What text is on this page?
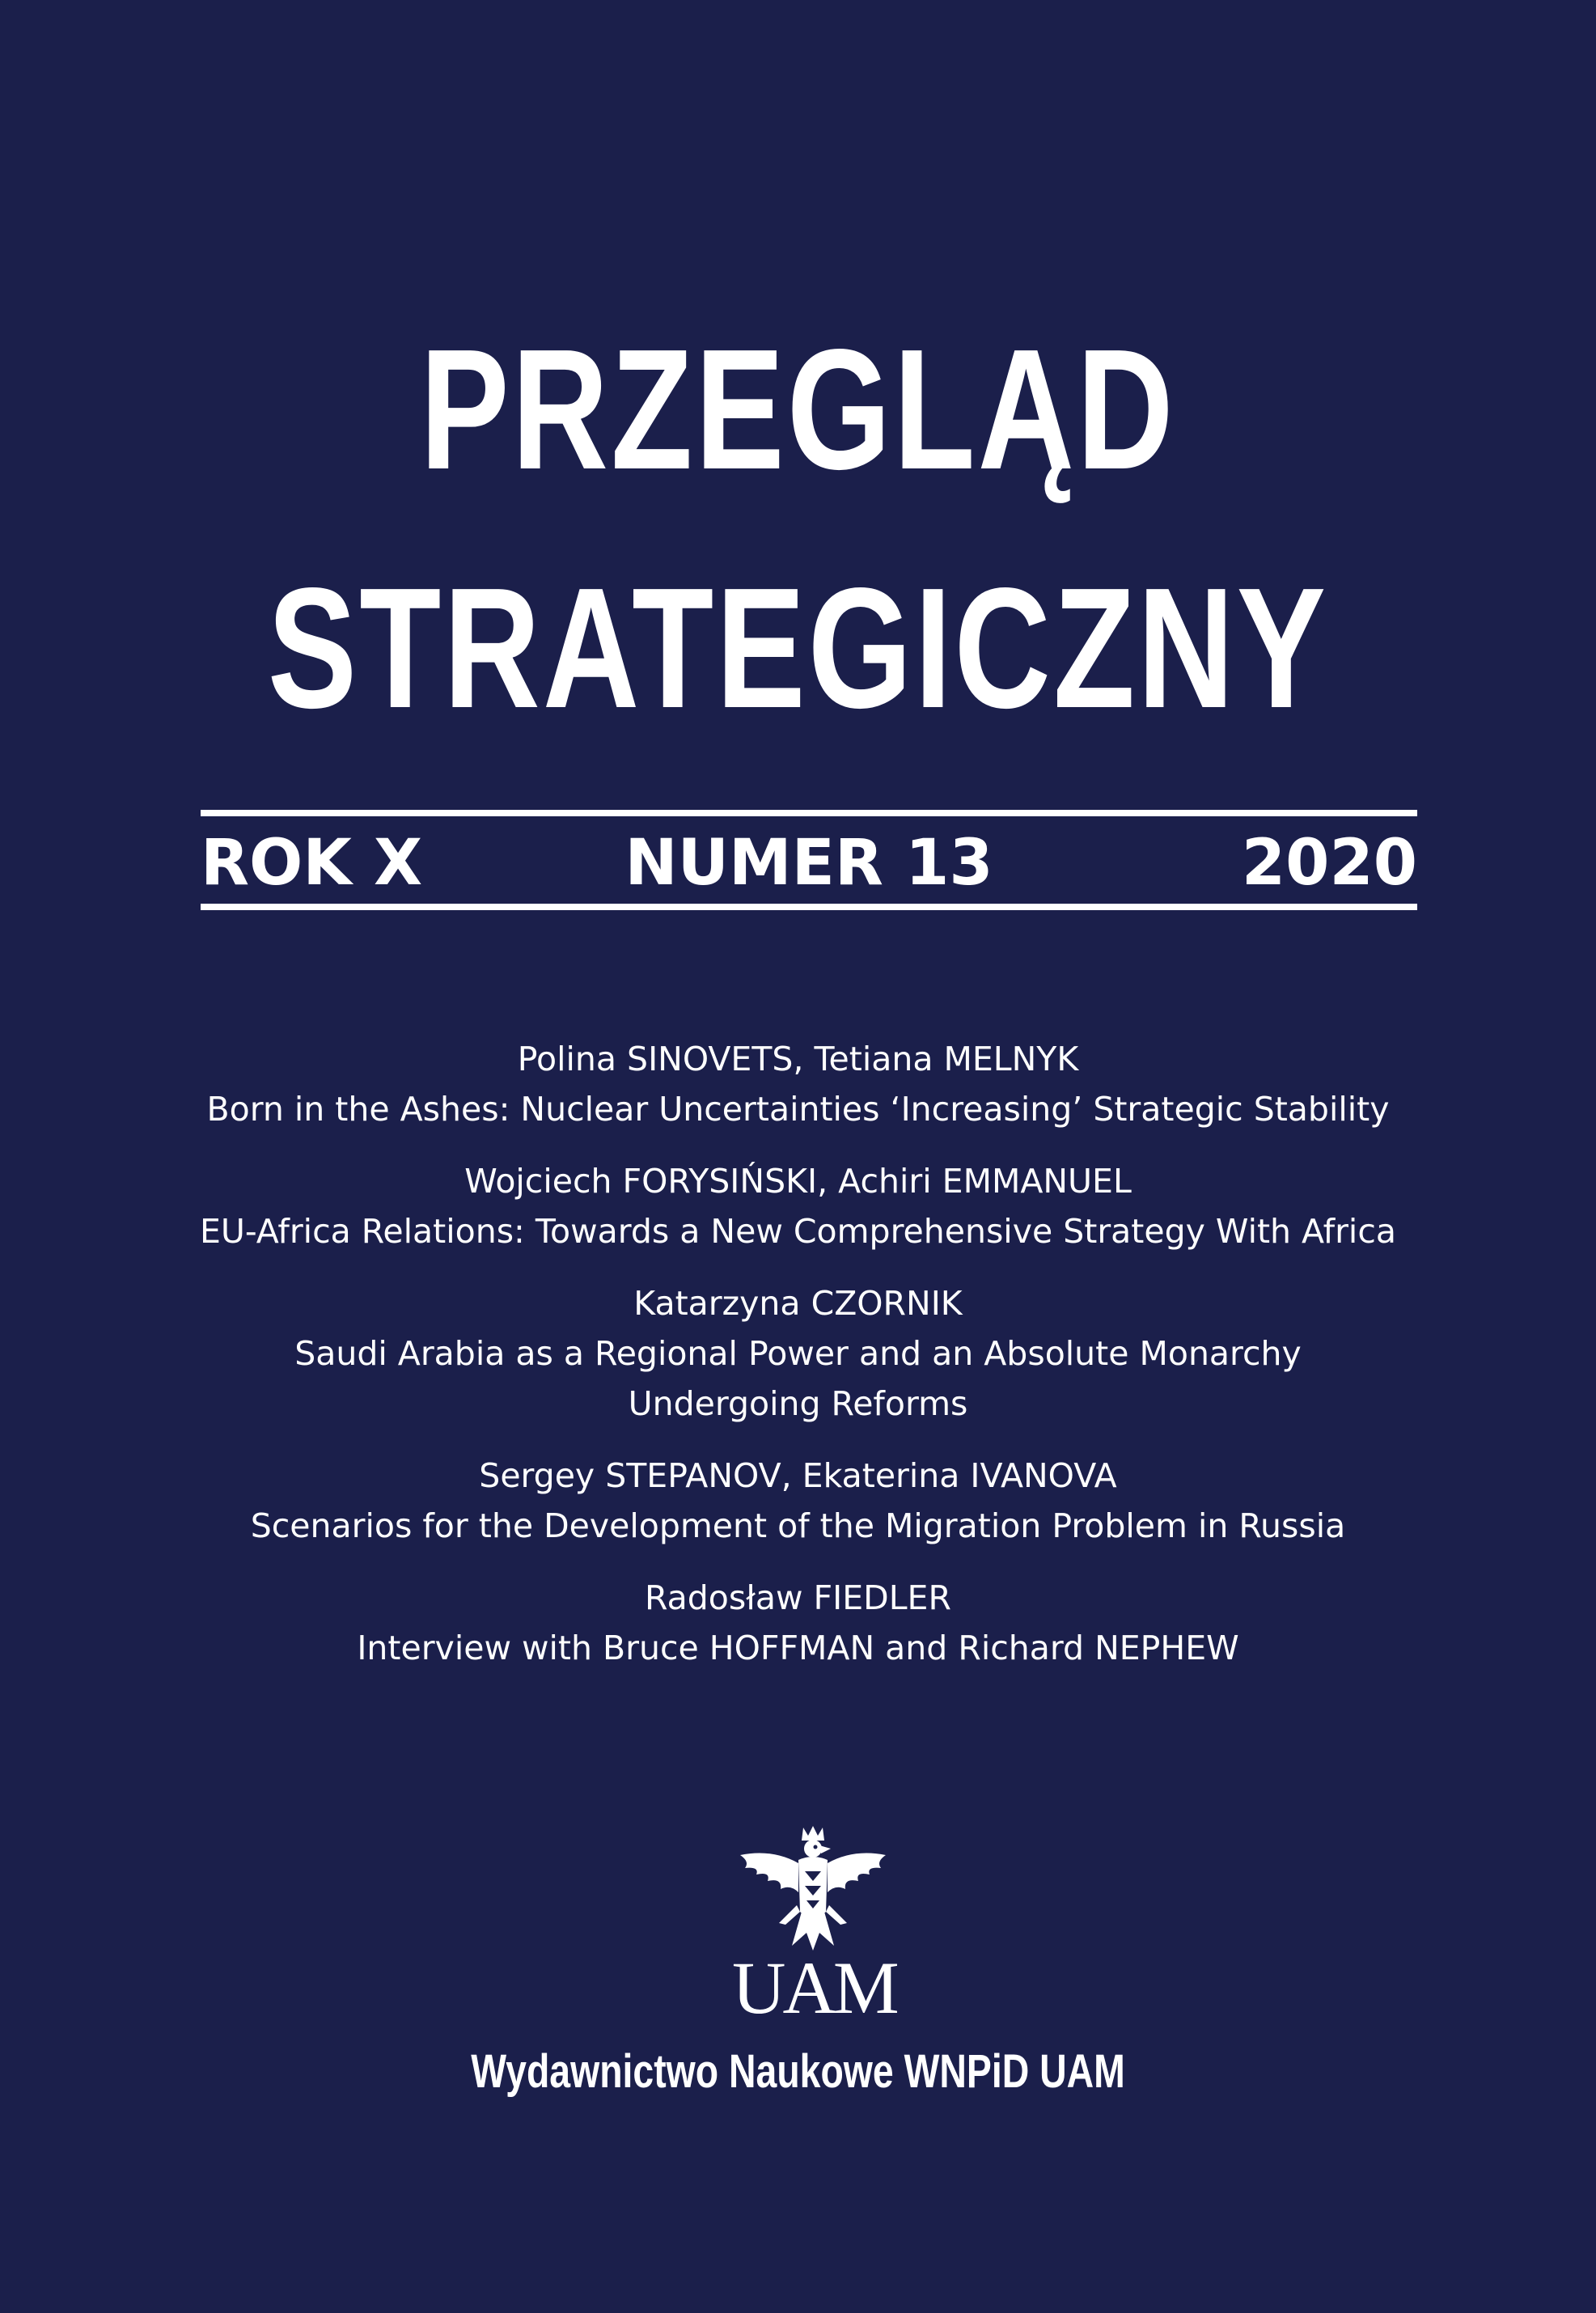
PRZEGLĄD
STRATEGICZNY
NUMER 13
ROK X	2020
Polina SINOVETS, Tetiana MELNYK
Born in the Ashes: Nuclear Uncertainties ‘Increasing’ Strategic Stability
Wojciech FORYSIŃSKI, Achiri EMMANUEL
EU-Africa Relations: Towards a New Comprehensive Strategy With Africa
Katarzyna CZORNIK
Saudi Arabia as a Regional Power and an Absolute Monarchy Undergoing Reforms
Sergey STEPANOV, Ekaterina IVANOVA
Scenarios for the Development of the Migration Problem in Russia
Radosław FIEDLER
Interview with Bruce HOFFMAN and Richard NEPHEW
UAM
Wydawnictwo Naukowe WNPiD UAM
